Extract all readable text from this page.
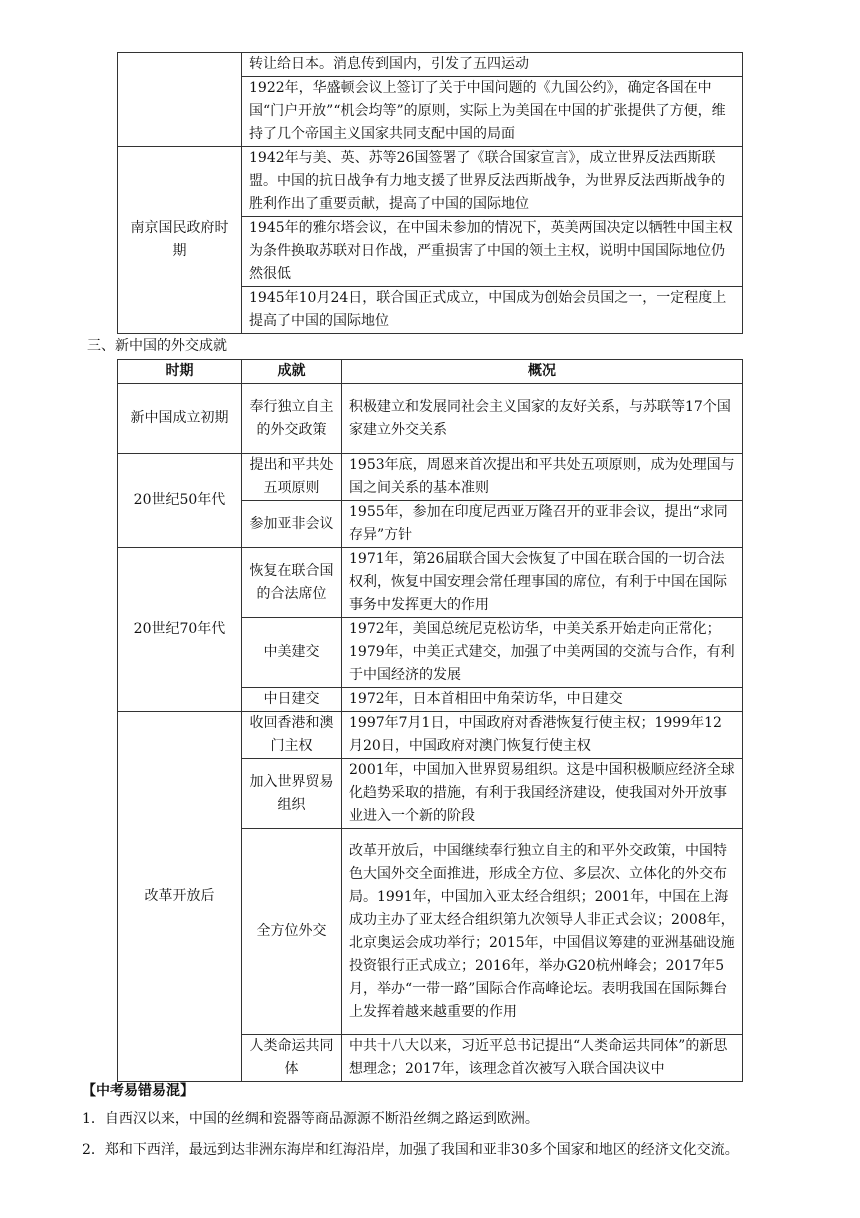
	转让给日本。消息传到国内，引发了五四运动
	1922年，华盛顿会议上签订了关于中国问题的《九国公约》，确定各国在中国“门户开放”“机会均等”的原则，实际上为美国在中国的扩张提供了方便，维持了几个帝国主义国家共同支配中国的局面
南京国民政府时期	1942年与美、英、苏等26国签署了《联合国家宣言》，成立世界反法西斯联盟。中国的抗日战争有力地支援了世界反法西斯战争，为世界反法西斯战争的胜利作出了重要贡献，提高了中国的国际地位
	1945年的雅尔塔会议，在中国未参加的情况下，英美两国决定以牺牲中国主权为条件换取苏联对日作战，严重损害了中国的领土主权，说明中国国际地位仍然很低
	1945年10月24日，联合国正式成立，中国成为创始会员国之一，一定程度上提高了中国的国际地位
三、新中国的外交成就
时期	成就	概况
新中国成立初期	奉行独立自主的外交政策	积极建立和发展同社会主义国家的友好关系，与苏联等17个国家建立外交关系
20世纪50年代	提出和平共处五项原则	1953年底，周恩来首次提出和平共处五项原则，成为处理国与国之间关系的基本准则
	参加亚非会议	1955年，参加在印度尼西亚万隆召开的亚非会议，提出“求同存异”方针
20世纪70年代	恢复在联合国的合法席位	1971年，第26届联合国大会恢复了中国在联合国的一切合法权利，恢复中国安理会常任理事国的席位，有利于中国在国际事务中发挥更大的作用
	中美建交	1972年，美国总统尼克松访华，中美关系开始走向正常化；1979年，中美正式建交，加强了中美两国的交流与合作，有利于中国经济的发展
	中日建交	1972年，日本首相田中角荣访华，中日建交
改革开放后	收回香港和澳门主权	1997年7月1日，中国政府对香港恢复行使主权；1999年12月20日，中国政府对澳门恢复行使主权
	加入世界贸易组织	2001年，中国加入世界贸易组织。这是中国积极顺应经济全球化趋势采取的措施，有利于我国经济建设，使我国对外开放事业进入一个新的阶段
	全方位外交	改革开放后，中国继续奉行独立自主的和平外交政策，中国特色大国外交全面推进，形成全方位、多层次、立体化的外交布局。1991年，中国加入亚太经合组织；2001年，中国在上海成功主办了亚太经合组织第九次领导人非正式会议；2008年，北京奥运会成功举行；2015年，中国倡议筹建的亚洲基础设施投资银行正式成立；2016年，举办G20杭州峰会；2017年5月，举办“一带一路”国际合作高峰论坛。表明我国在国际舞台上发挥着越来越重要的作用
	人类命运共同体	中共十八大以来，习近平总书记提出“人类命运共同体”的新思想理念；2017年，该理念首次被写入联合国决议中
【中考易错易混】
1．自西汉以来，中国的丝绸和瓷器等商品源源不断沿丝绸之路运到欧洲。
2．郑和下西洋，最远到达非洲东海岸和红海沿岸，加强了我国和亚非30多个国家和地区的经济文化交流。
